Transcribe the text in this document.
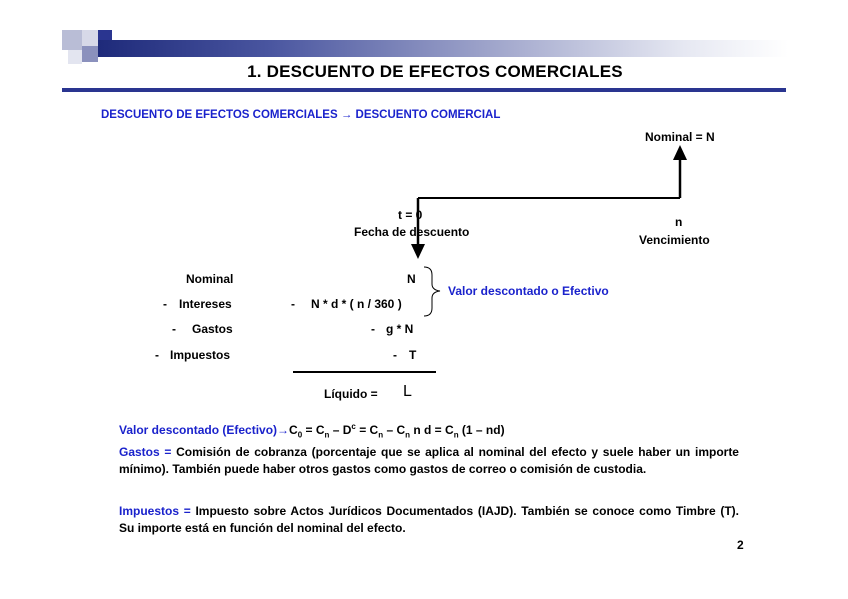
1. DESCUENTO DE EFECTOS COMERCIALES
DESCUENTO DE EFECTOS COMERCIALES → DESCUENTO COMERCIAL
Nominal = N
t = 0
Fecha de descuento
n
Vencimiento
Nominal	N
- Intereses	- N * d * ( n / 360 )
- Gastos	- g * N
- Impuestos	- T
Valor descontado o Efectivo
Líquido = L
Valor descontado $(Efectivo)\to C_0 = C_n - D^c = C_n - C_n$ n $d = C_n$ (1 – nd)
Gastos = Comisión de cobranza (porcentaje que se aplica al nominal del efecto y suele haber un importe mínimo). También puede haber otros gastos como gastos de correo o comisión de custodia.
Impuestos = Impuesto sobre Actos Jurídicos Documentados (IAJD). También se conoce como Timbre (T). Su importe está en función del nominal del efecto.
2
